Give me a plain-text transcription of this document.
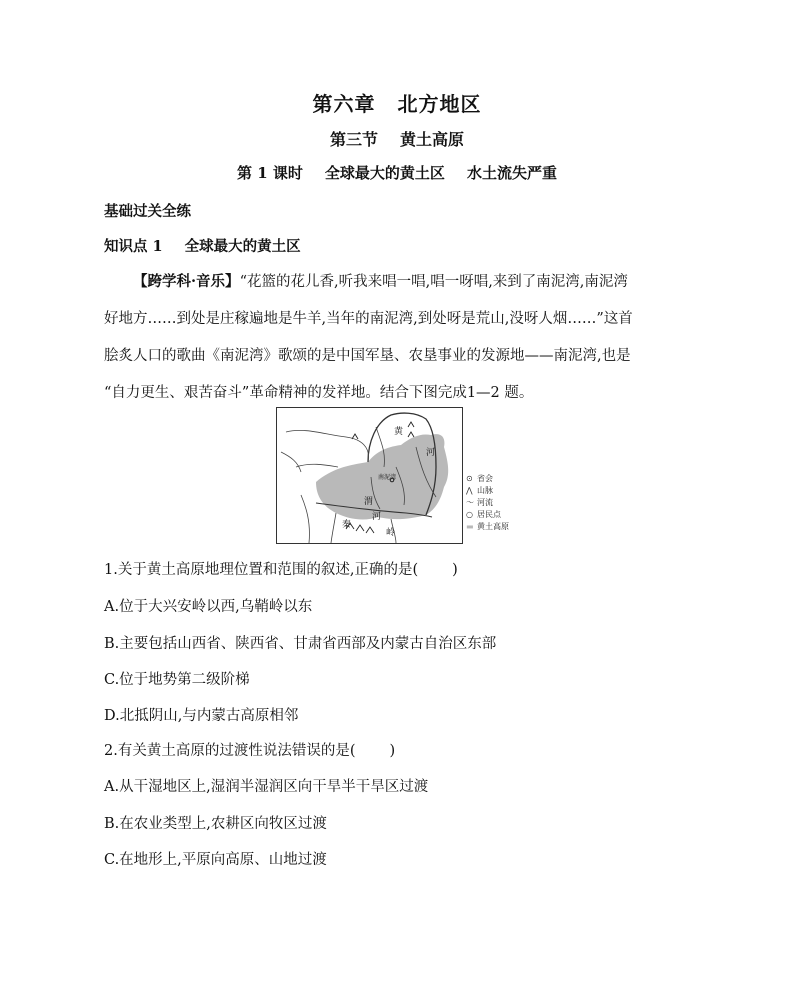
第六章 北方地区
第三节 黄土高原
第 1 课时 全球最大的黄土区 水土流失严重
基础过关全练
知识点 1 全球最大的黄土区
【跨学科·音乐】“花篮的花儿香,听我来唱一唱,唱一呀唱,来到了南泥湾,南泥湾
好地方……到处是庄稼遍地是牛羊,当年的南泥湾,到处呀是荒山,没呀人烟……”这首
脍炙人口的歌曲《南泥湾》歌颂的是中国军垦、农垦事业的发源地——南泥湾,也是
“自力更生、艰苦奋斗”革命精神的发祥地。结合下图完成1—2 题。
黄
河
南泥湾
渭
河
秦
岭
⊙ 省会
⋀ 山脉
～ 河流
○ 居民点
▬ 黄土高原
1.关于黄土高原地理位置和范围的叙述,正确的是( )
A.位于大兴安岭以西,乌鞘岭以东
B.主要包括山西省、陕西省、甘肃省西部及内蒙古自治区东部
C.位于地势第二级阶梯
D.北抵阴山,与内蒙古高原相邻
2.有关黄土高原的过渡性说法错误的是( )
A.从干湿地区上,湿润半湿润区向干旱半干旱区过渡
B.在农业类型上,农耕区向牧区过渡
C.在地形上,平原向高原、山地过渡
